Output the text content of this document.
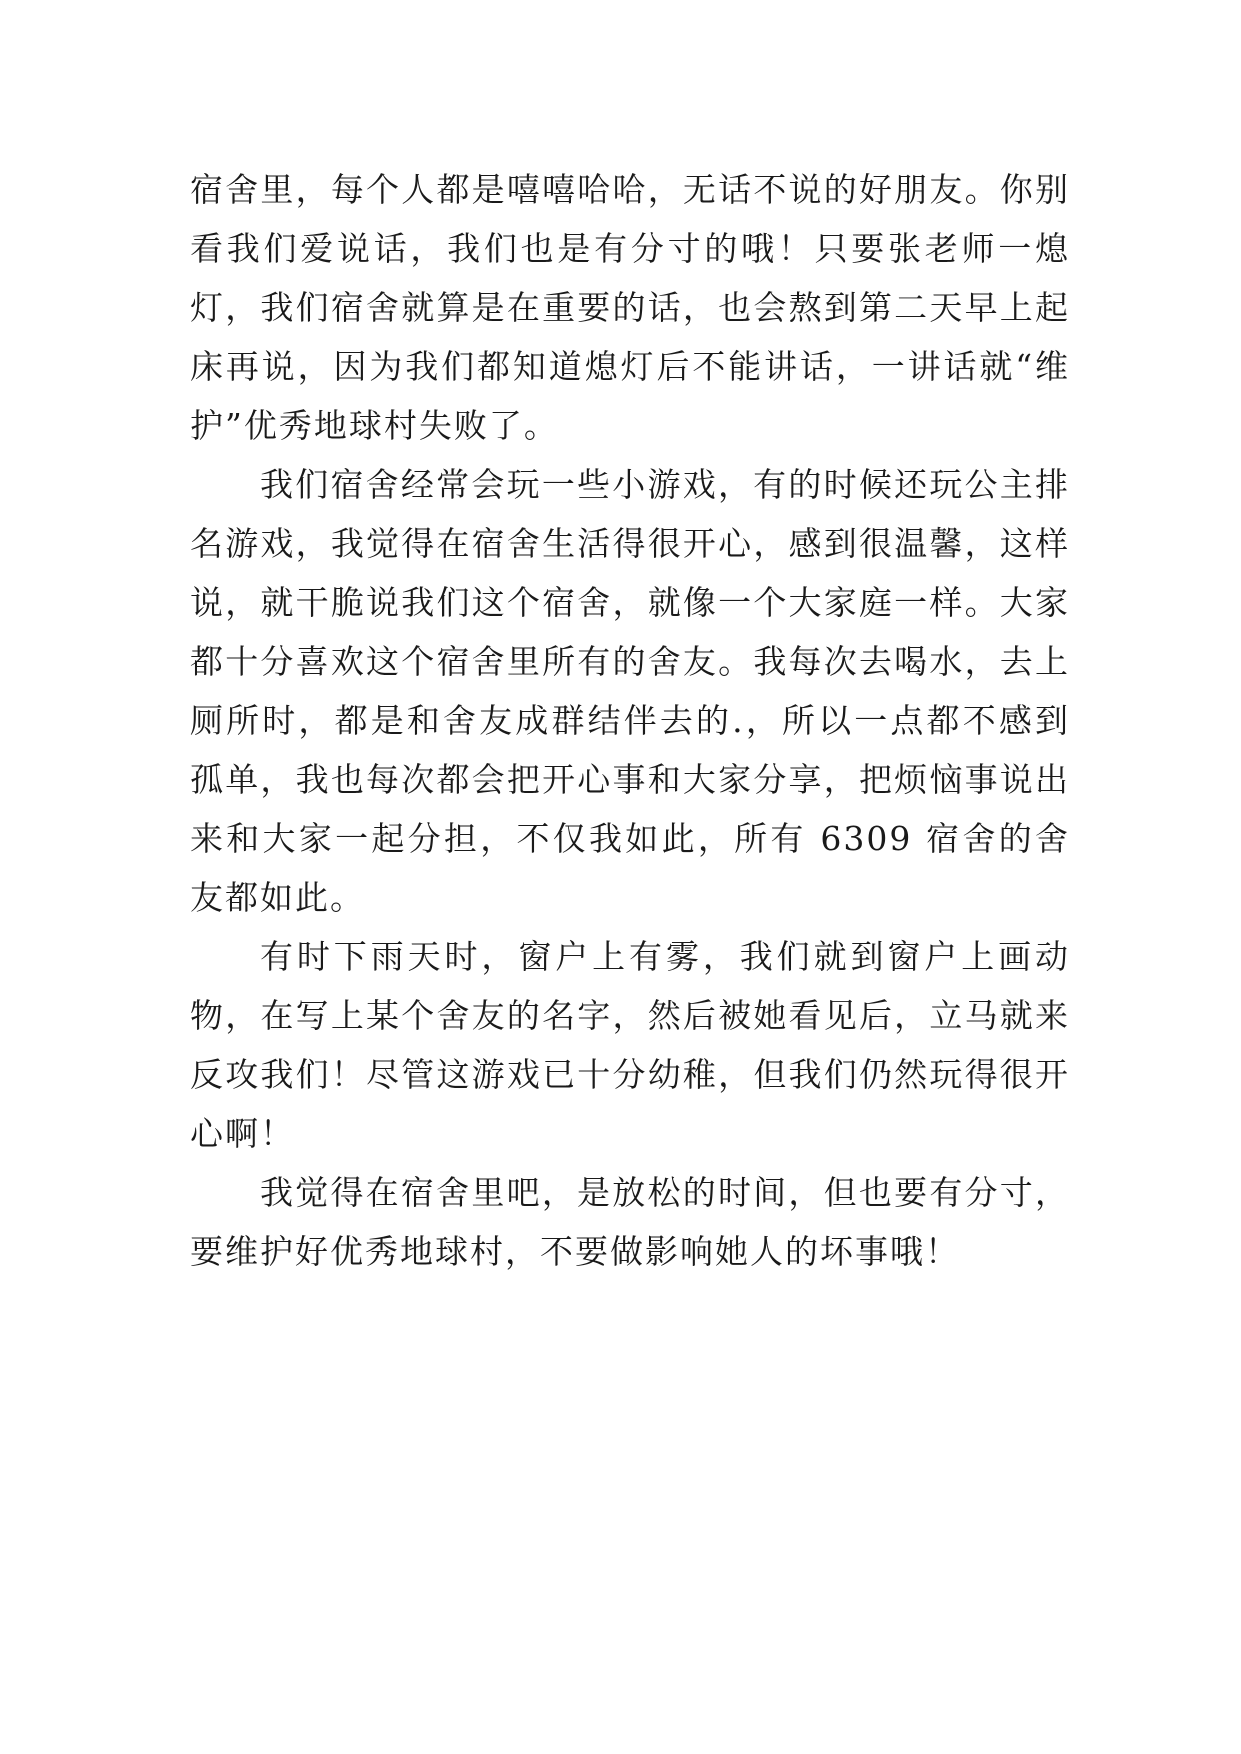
宿舍里，每个人都是嘻嘻哈哈，无话不说的好朋友。你别看我们爱说话，我们也是有分寸的哦！只要张老师一熄灯，我们宿舍就算是在重要的话，也会熬到第二天早上起床再说，因为我们都知道熄灯后不能讲话，一讲话就“维护”优秀地球村失败了。

我们宿舍经常会玩一些小游戏，有的时候还玩公主排名游戏，我觉得在宿舍生活得很开心，感到很温馨，这样说，就干脆说我们这个宿舍，就像一个大家庭一样。大家都十分喜欢这个宿舍里所有的舍友。我每次去喝水，去上厕所时，都是和舍友成群结伴去的.，所以一点都不感到孤单，我也每次都会把开心事和大家分享，把烦恼事说出来和大家一起分担，不仅我如此，所有 6309 宿舍的舍友都如此。

有时下雨天时，窗户上有雾，我们就到窗户上画动物，在写上某个舍友的名字，然后被她看见后，立马就来反攻我们！尽管这游戏已十分幼稚，但我们仍然玩得很开心啊！

我觉得在宿舍里吧，是放松的时间，但也要有分寸，要维护好优秀地球村，不要做影响她人的坏事哦！
